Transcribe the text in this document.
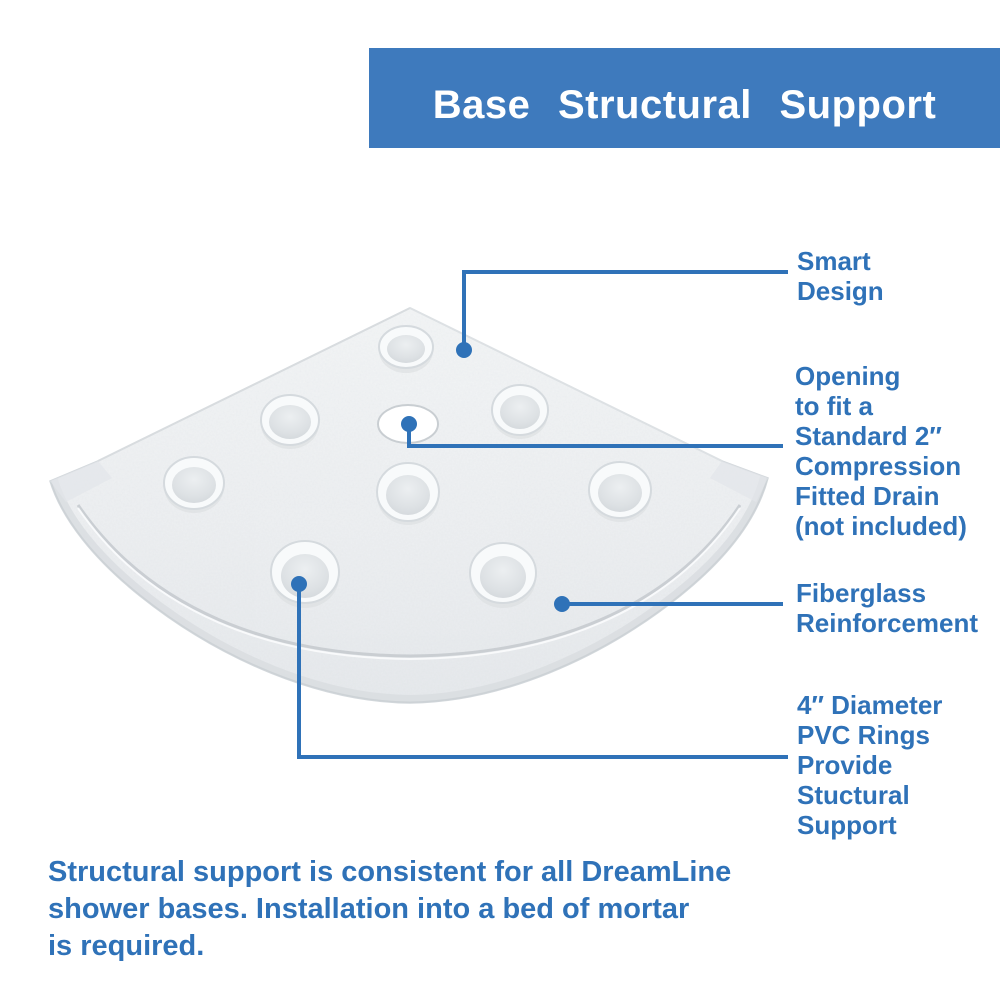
Base Structural Support
Smart
Design
Opening
to fit a
Standard 2″
Compression
Fitted Drain
(not included)
Fiberglass
Reinforcement
4″ Diameter
PVC Rings
Provide
Stuctural
Support
Structural support is consistent for all DreamLine
shower bases. Installation into a bed of mortar
is required.
